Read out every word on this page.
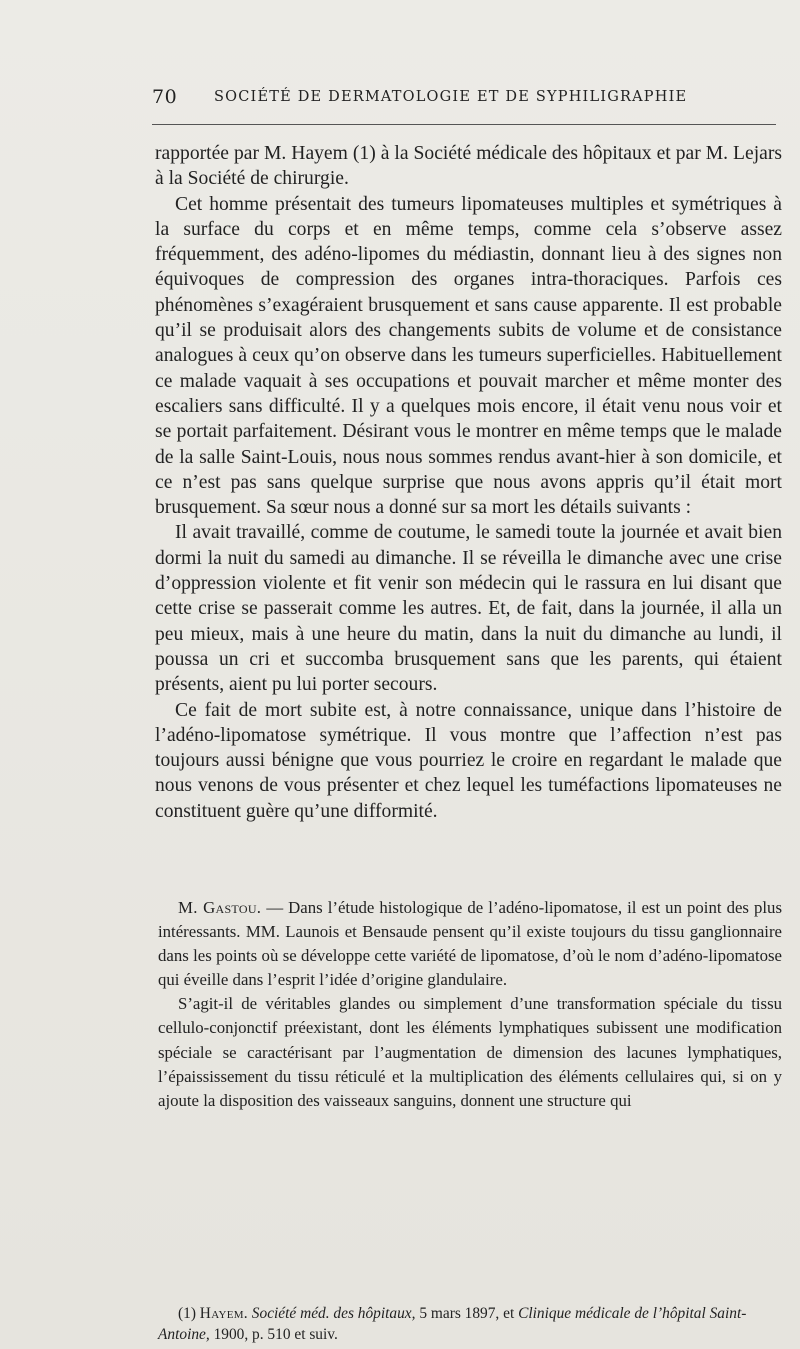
70	SOCIÉTÉ DE DERMATOLOGIE ET DE SYPHILIGRAPHIE

rapportée par M. Hayem (1) à la Société médicale des hôpitaux et par M. Lejars à la Société de chirurgie.

Cet homme présentait des tumeurs lipomateuses multiples et symétriques à la surface du corps et en même temps, comme cela s’observe assez fréquemment, des adéno-lipomes du médiastin, donnant lieu à des signes non équivoques de compression des organes intra-thoraciques. Parfois ces phénomènes s’exagéraient brusquement et sans cause apparente. Il est probable qu’il se produisait alors des changements subits de volume et de consistance analogues à ceux qu’on observe dans les tumeurs superficielles. Habituellement ce malade vaquait à ses occupations et pouvait marcher et même monter des escaliers sans difficulté. Il y a quelques mois encore, il était venu nous voir et se portait parfaitement. Désirant vous le montrer en même temps que le malade de la salle Saint-Louis, nous nous sommes rendus avant-hier à son domicile, et ce n’est pas sans quelque surprise que nous avons appris qu’il était mort brusquement. Sa sœur nous a donné sur sa mort les détails suivants :

Il avait travaillé, comme de coutume, le samedi toute la journée et avait bien dormi la nuit du samedi au dimanche. Il se réveilla le dimanche avec une crise d’oppression violente et fit venir son médecin qui le rassura en lui disant que cette crise se passerait comme les autres. Et, de fait, dans la journée, il alla un peu mieux, mais à une heure du matin, dans la nuit du dimanche au lundi, il poussa un cri et succomba brusquement sans que les parents, qui étaient présents, aient pu lui porter secours.

Ce fait de mort subite est, à notre connaissance, unique dans l’histoire de l’adéno-lipomatose symétrique. Il vous montre que l’affection n’est pas toujours aussi bénigne que vous pourriez le croire en regardant le malade que nous venons de vous présenter et chez lequel les tuméfactions lipomateuses ne constituent guère qu’une difformité.

M. Gastou. — Dans l’étude histologique de l’adéno-lipomatose, il est un point des plus intéressants. MM. Launois et Bensaude pensent qu’il existe toujours du tissu ganglionnaire dans les points où se développe cette variété de lipomatose, d’où le nom d’adéno-lipomatose qui éveille dans l’esprit l’idée d’origine glandulaire.

S’agit-il de véritables glandes ou simplement d’une transformation spéciale du tissu cellulo-conjonctif préexistant, dont les éléments lymphatiques subissent une modification spéciale se caractérisant par l’augmentation de dimension des lacunes lymphatiques, l’épaississement du tissu réticulé et la multiplication des éléments cellulaires qui, si on y ajoute la disposition des vaisseaux sanguins, donnent une structure qui

(1) Hayem. Société méd. des hôpitaux, 5 mars 1897, et Clinique médicale de l’hôpital Saint-Antoine, 1900, p. 510 et suiv.
